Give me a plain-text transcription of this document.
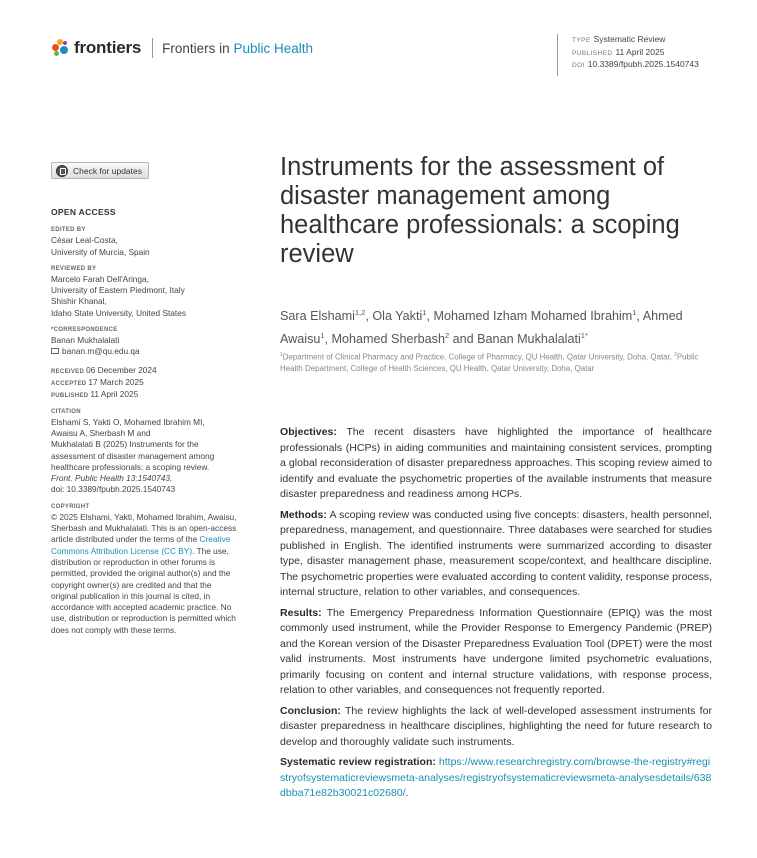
frontiers Frontiers in Public Health	TYPE Systematic Review
PUBLISHED 11 April 2025
DOI 10.3389/fpubh.2025.1540743
Check for updates
OPEN ACCESS
EDITED BY
César Leal-Costa,
University of Murcia, Spain
REVIEWED BY
Marcelo Farah Dell'Aringa,
University of Eastern Piedmont, Italy
Shishir Khanal,
Idaho State University, United States
*CORRESPONDENCE
Banan Mukhalalati
banan.m@qu.edu.qa
RECEIVED 06 December 2024
ACCEPTED 17 March 2025
PUBLISHED 11 April 2025
CITATION
Elshami S, Yakti O, Mohamed Ibrahim MI,
Awaisu A, Sherbash M and
Mukhalalati B (2025) Instruments for the
assessment of disaster management among
healthcare professionals: a scoping review.
Front. Public Health 13:1540743.
doi: 10.3389/fpubh.2025.1540743
COPYRIGHT
© 2025 Elshami, Yakti, Mohamed Ibrahim, Awaisu, Sherbash and Mukhalalati. This is an open-access article distributed under the terms of the Creative Commons Attribution License (CC BY). The use, distribution or reproduction in other forums is permitted, provided the original author(s) and the copyright owner(s) are credited and that the original publication in this journal is cited, in accordance with accepted academic practice. No use, distribution or reproduction is permitted which does not comply with these terms.
Instruments for the assessment of disaster management among healthcare professionals: a scoping review
Sara Elshami$^{1,2}$, Ola Yakti$^1$, Mohamed Izham Mohamed Ibrahim$^1$, Ahmed Awaisu$^1$, Mohamed Sherbash$^2$ and Banan Mukhalalati$^{1*}$
$^1$Department of Clinical Pharmacy and Practice, College of Pharmacy, QU Health, Qatar University, Doha, Qatar, $^2$Public Health Department, College of Health Sciences, QU Health, Qatar University, Doha, Qatar

Objectives: The recent disasters have highlighted the importance of healthcare professionals (HCPs) in aiding communities and maintaining consistent services, prompting a global reconsideration of disaster preparedness approaches. This scoping review aimed to identify and evaluate the psychometric properties of the available instruments that measure disaster preparedness and readiness among HCPs.

Methods: A scoping review was conducted using five concepts: disasters, health personnel, preparedness, management, and questionnaire. Three databases were searched for studies published in English. The identified instruments were summarized according to disaster type, disaster management phase, measurement scope/context, and healthcare discipline. The psychometric properties were evaluated according to content validity, response process, internal structure, relation to other variables, and consequences.

Results: The Emergency Preparedness Information Questionnaire (EPIQ) was the most commonly used instrument, while the Provider Response to Emergency Pandemic (PREP) and the Korean version of the Disaster Preparedness Evaluation Tool (DPET) were the most valid instruments. Most instruments have undergone limited psychometric evaluations, primarily focusing on content and internal structure validations, with response process, relation to other variables, and consequences not frequently reported.

Conclusion: The review highlights the lack of well-developed assessment instruments for disaster preparedness in healthcare disciplines, highlighting the need for future research to develop and thoroughly validate such instruments.

Systematic review registration: https://www.researchregistry.com/browse-the-registry#registryofsystematicreviewsmeta-analyses/registryofsystematicreviewsmeta-analysesdetails/638dbba71e82b30021c02680/.
